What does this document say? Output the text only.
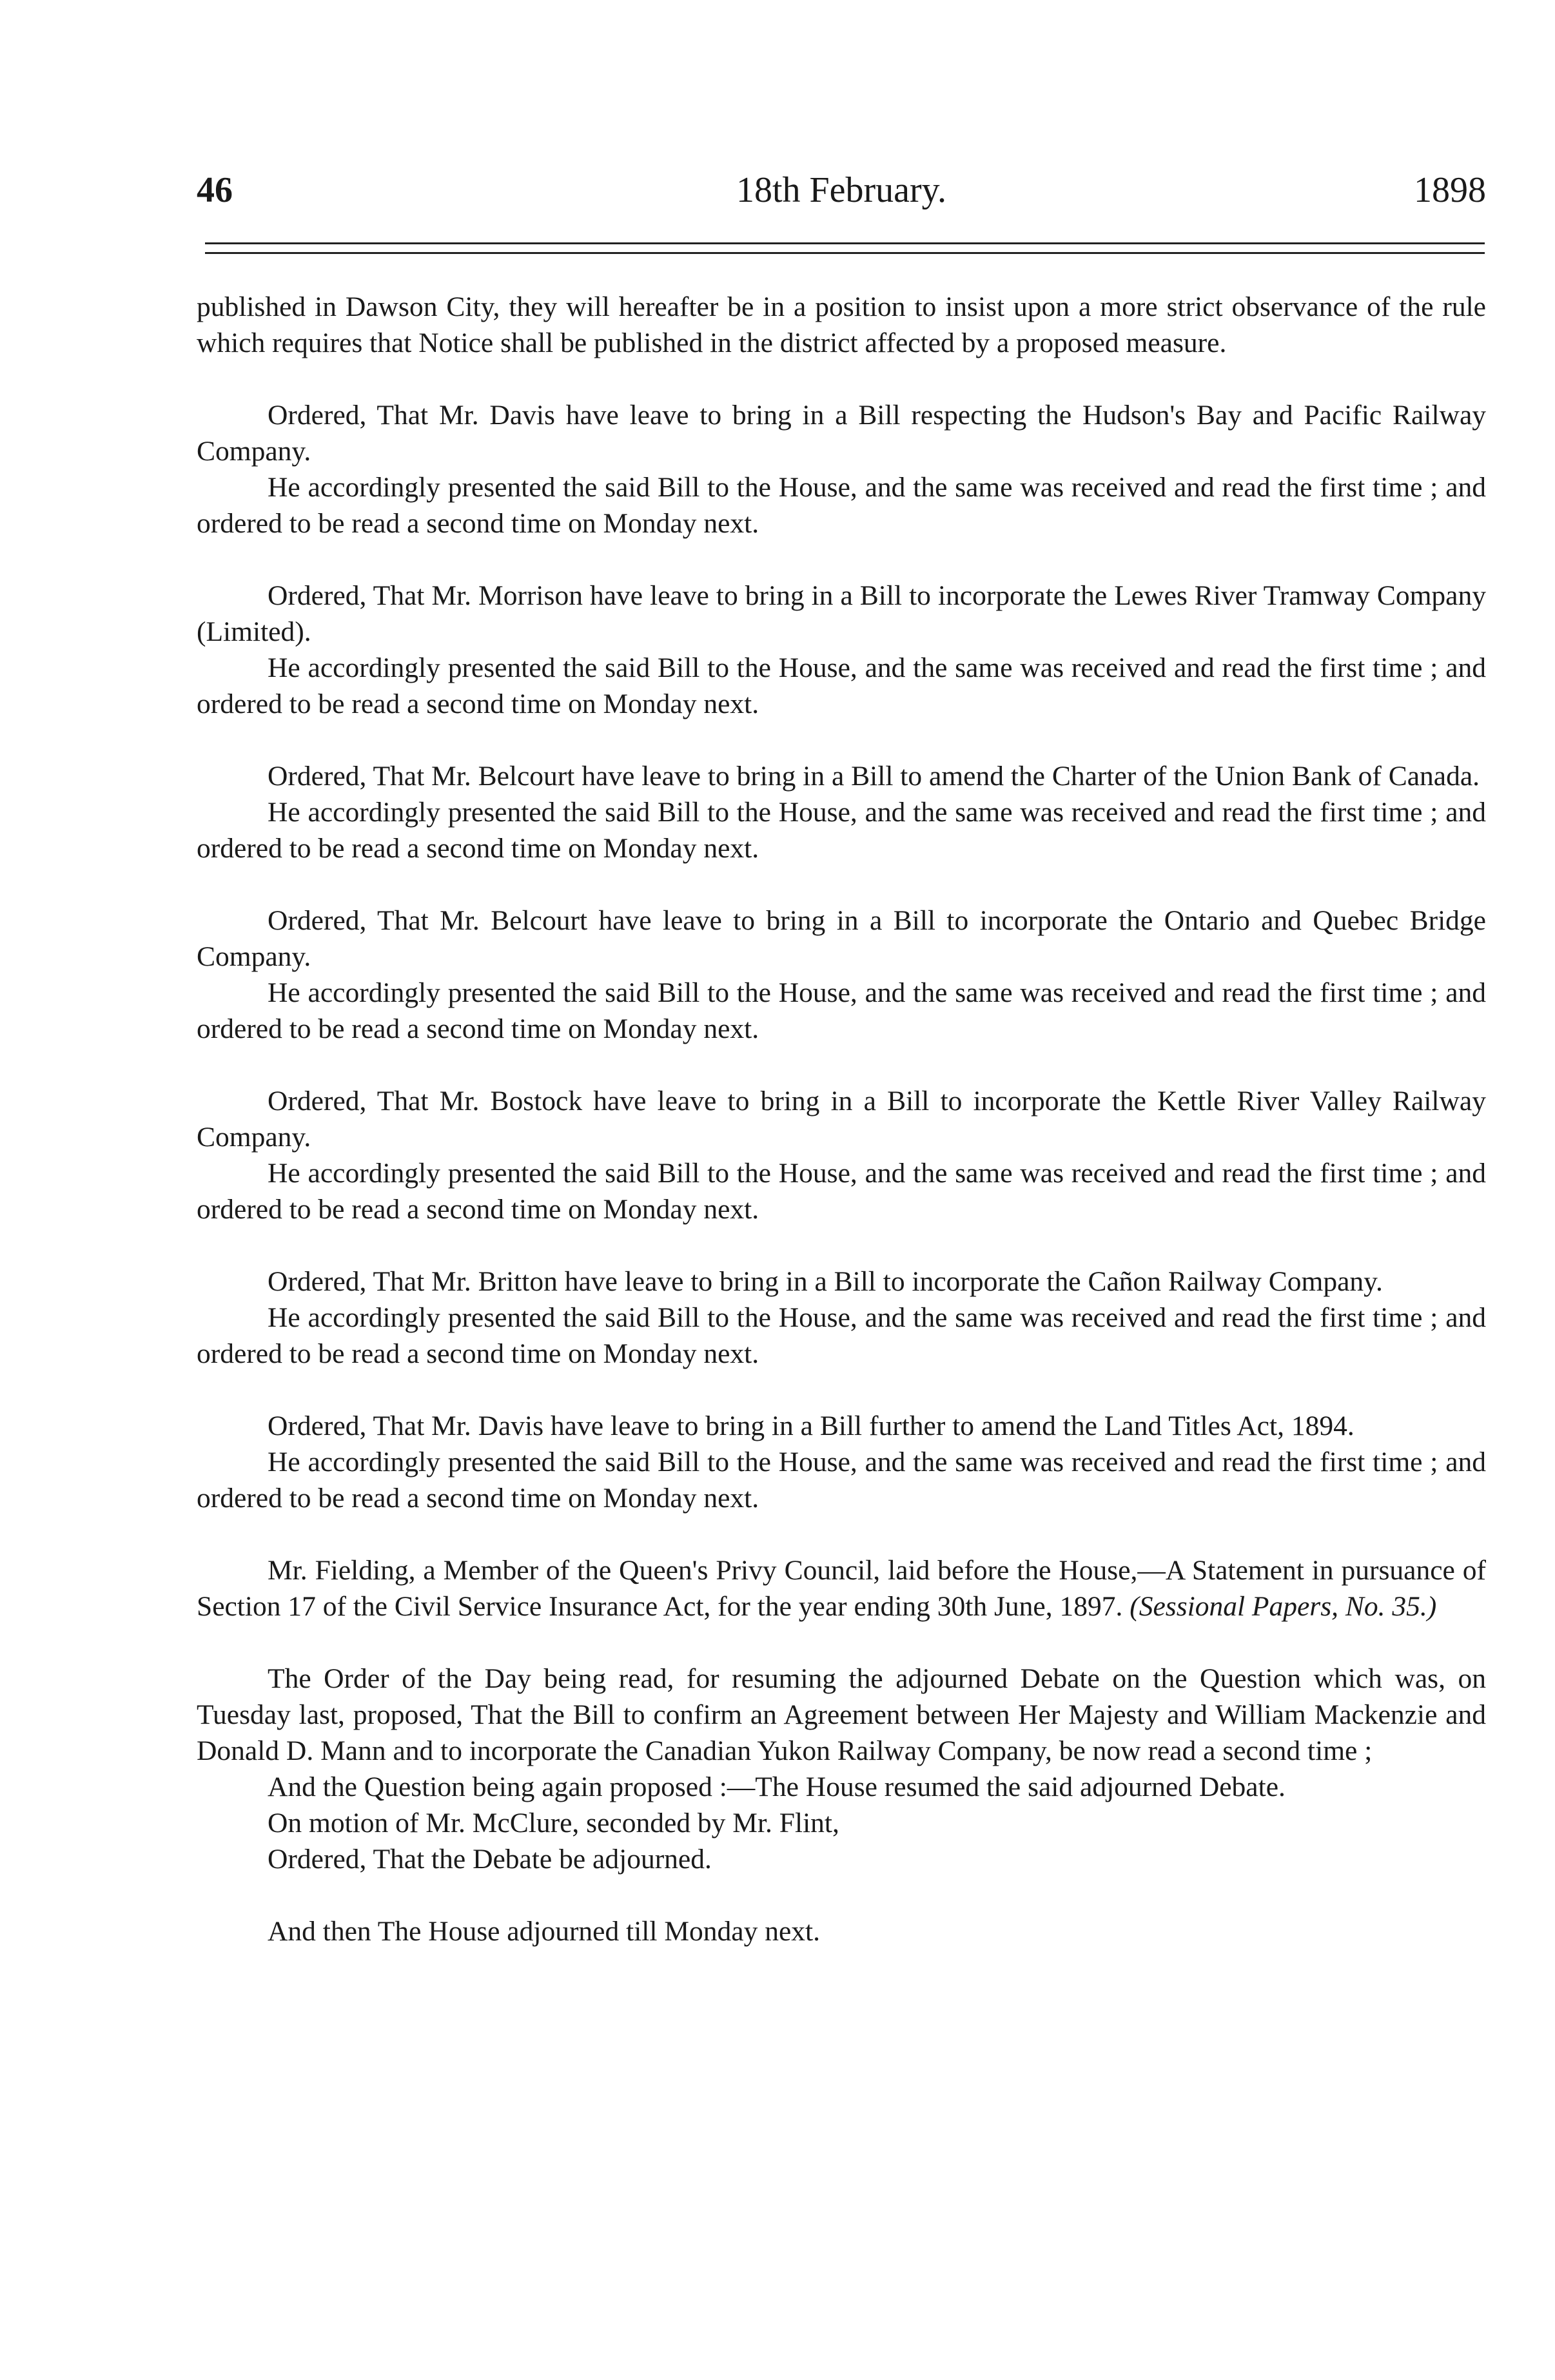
46	18th February.	1898

published in Dawson City, they will hereafter be in a position to insist upon a more strict observance of the rule which requires that Notice shall be published in the district affected by a proposed measure.

Ordered, That Mr. Davis have leave to bring in a Bill respecting the Hudson's Bay and Pacific Railway Company.

He accordingly presented the said Bill to the House, and the same was received and read the first time ; and ordered to be read a second time on Monday next.

Ordered, That Mr. Morrison have leave to bring in a Bill to incorporate the Lewes River Tramway Company (Limited).

He accordingly presented the said Bill to the House, and the same was received and read the first time ; and ordered to be read a second time on Monday next.

Ordered, That Mr. Belcourt have leave to bring in a Bill to amend the Charter of the Union Bank of Canada.

He accordingly presented the said Bill to the House, and the same was received and read the first time ; and ordered to be read a second time on Monday next.

Ordered, That Mr. Belcourt have leave to bring in a Bill to incorporate the Ontario and Quebec Bridge Company.

He accordingly presented the said Bill to the House, and the same was received and read the first time ; and ordered to be read a second time on Monday next.

Ordered, That Mr. Bostock have leave to bring in a Bill to incorporate the Kettle River Valley Railway Company.

He accordingly presented the said Bill to the House, and the same was received and read the first time ; and ordered to be read a second time on Monday next.

Ordered, That Mr. Britton have leave to bring in a Bill to incorporate the Cañon Railway Company.

He accordingly presented the said Bill to the House, and the same was received and read the first time ; and ordered to be read a second time on Monday next.

Ordered, That Mr. Davis have leave to bring in a Bill further to amend the Land Titles Act, 1894.

He accordingly presented the said Bill to the House, and the same was received and read the first time ; and ordered to be read a second time on Monday next.

Mr. Fielding, a Member of the Queen's Privy Council, laid before the House,—A Statement in pursuance of Section 17 of the Civil Service Insurance Act, for the year ending 30th June, 1897. (Sessional Papers, No. 35.)

The Order of the Day being read, for resuming the adjourned Debate on the Question which was, on Tuesday last, proposed, That the Bill to confirm an Agreement between Her Majesty and William Mackenzie and Donald D. Mann and to incorporate the Canadian Yukon Railway Company, be now read a second time ;

And the Question being again proposed :—The House resumed the said adjourned Debate.

On motion of Mr. McClure, seconded by Mr. Flint,

Ordered, That the Debate be adjourned.

And then The House adjourned till Monday next.
